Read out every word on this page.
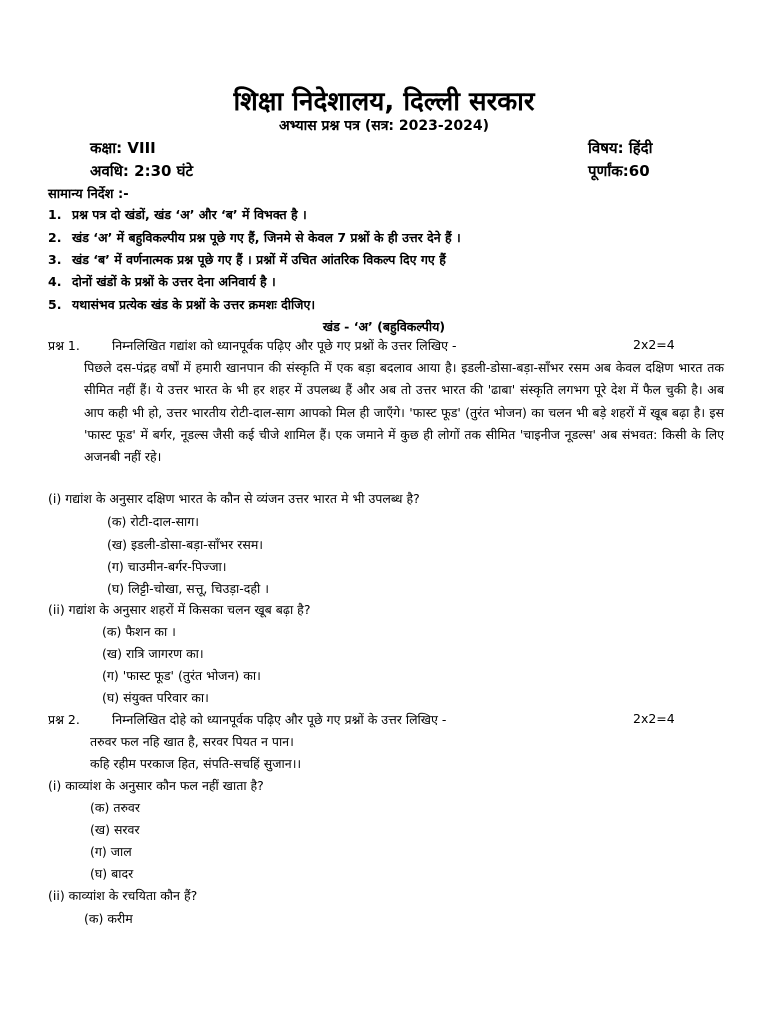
शिक्षा निदेशालय, दिल्ली सरकार
अभ्यास प्रश्न पत्र (सत्र: 2023-2024)
कक्षा: VIII
अवधि: 2:30 घंटे
विषय: हिंदी
पूर्णांक:60
सामान्य निर्देश :-
1. प्रश्न पत्र दो खंडों, खंड ‘अ’ और ‘ब’ में विभक्त है ।
2. खंड ‘अ’ में बहुविकल्पीय प्रश्न पूछे गए हैं, जिनमे से केवल 7 प्रश्नों के ही उत्तर देने हैं ।
3. खंड ‘ब’ में वर्णनात्मक प्रश्न पूछे गए हैं । प्रश्नों में उचित आंतरिक विकल्प दिए गए हैं
4. दोनों खंडों के प्रश्नों के उत्तर देना अनिवार्य है ।
5. यथासंभव प्रत्येक खंड के प्रश्नों के उत्तर क्रमशः दीजिए।
खंड - ‘अ’ (बहुविकल्पीय)
प्रश्न 1.	निम्नलिखित गद्यांश को ध्यानपूर्वक पढ़िए और पूछे गए प्रश्नों के उत्तर लिखिए -	2x2=4
पिछले दस-पंद्रह वर्षों में हमारी खानपान की संस्कृति में एक बड़ा बदलाव आया है। इडली-डोसा-बड़ा-साँभर रसम अब केवल दक्षिण भारत तक सीमित नहीं हैं। ये उत्तर भारत के भी हर शहर में उपलब्ध हैं और अब तो उत्तर भारत की 'ढाबा' संस्कृति लगभग पूरे देश में फैल चुकी है। अब आप कही भी हो, उत्तर भारतीय रोटी-दाल-साग आपको मिल ही जाएँगे। 'फास्ट फूड' (तुरंत भोजन) का चलन भी बड़े शहरों में खूब बढ़ा है। इस 'फास्ट फूड' में बर्गर, नूडल्स जैसी कई चीजे शामिल हैं। एक जमाने में कुछ ही लोगों तक सीमित 'चाइनीज नूडल्स' अब संभवत: किसी के लिए अजनबी नहीं रहे।
(i) गद्यांश के अनुसार दक्षिण भारत के कौन से व्यंजन उत्तर भारत मे भी उपलब्ध है?
(क) रोटी-दाल-साग।
(ख) इडली-डोसा-बड़ा-साँभर रसम।
(ग) चाउमीन-बर्गर-पिज्जा।
(घ) लिट्टी-चोखा, सत्तू, चिउड़ा-दही ।
(ii) गद्यांश के अनुसार शहरों में किसका चलन खूब बढ़ा है?
(क) फैशन का ।
(ख) रात्रि जागरण का।
(ग) 'फास्ट फूड' (तुरंत भोजन) का।
(घ) संयुक्त परिवार का।
प्रश्न 2.	निम्नलिखित दोहे को ध्यानपूर्वक पढ़िए और पूछे गए प्रश्नों के उत्तर लिखिए -	2x2=4
तरुवर फल नहि खात है, सरवर पियत न पान।
कहि रहीम परकाज हित, संपति-सचहिं सुजान।।
(i) काव्यांश के अनुसार कौन फल नहीं खाता है?
(क) तरुवर
(ख) सरवर
(ग) जाल
(घ) बादर
(ii) काव्यांश के रचयिता कौन हैं?
(क) करीम
